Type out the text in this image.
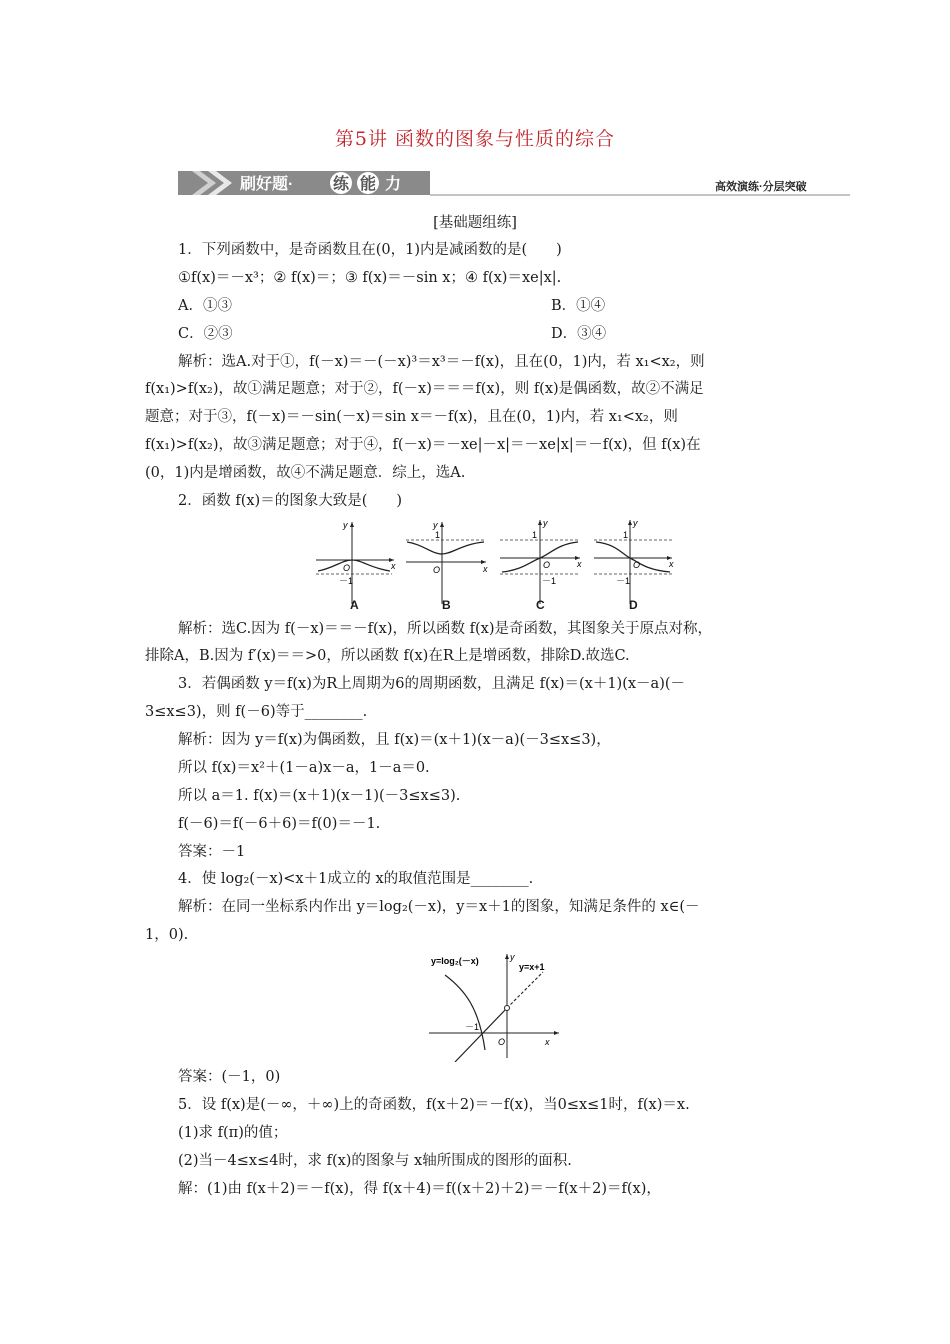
第5讲 函数的图象与性质的综合
刷好题· 练 能 力	高效演练·分层突破
[基础题组练]
1．下列函数中，是奇函数且在(0，1)内是减函数的是(　　)
①f(x)＝－x³；② f(x)＝；③ f(x)＝－sin x；④ f(x)＝xe|x|.
A．①③	B．①④
C．②③	D．③④
解析：选A.对于①，f(－x)＝－(－x)³＝x³＝－f(x)，且在(0，1)内，若 x₁<x₂，则
f(x₁)>f(x₂)，故①满足题意；对于②，f(－x)＝＝＝f(x)，则 f(x)是偶函数，故②不满足
题意；对于③，f(－x)＝－sin(－x)＝sin x＝－f(x)，且在(0，1)内，若 x₁<x₂，则
f(x₁)>f(x₂)，故③满足题意；对于④，f(－x)＝－xe|－x|＝－xe|x|＝－f(x)，但 f(x)在
(0，1)内是增函数，故④不满足题意．综上，选A.
2．函数 f(x)＝的图象大致是(　　)
y
x
O
－1
A
y
x
O
1
B
y
x
O
1
－1
C
y
x
O
1
－1
D
解析：选C.因为 f(－x)＝＝－f(x)，所以函数 f(x)是奇函数，其图象关于原点对称，
排除A，B.因为 f′(x)＝＝>0，所以函数 f(x)在R上是增函数，排除D.故选C.
3．若偶函数 y＝f(x)为R上周期为6的周期函数，且满足 f(x)＝(x＋1)(x－a)(－
3≤x≤3)，则 f(－6)等于________.
解析：因为 y＝f(x)为偶函数，且 f(x)＝(x＋1)(x－a)(－3≤x≤3)，
所以 f(x)＝x²＋(1－a)x－a，1－a＝0.
所以 a＝1. f(x)＝(x＋1)(x－1)(－3≤x≤3).
f(－6)＝f(－6＋6)＝f(0)＝－1.
答案：－1
4．使 log₂(－x)<x＋1成立的 x的取值范围是________.
解析：在同一坐标系内作出 y＝log₂(－x)，y＝x＋1的图象，知满足条件的 x∈(－
1，0).
y=log₂(－x)
y=x+1
y
x
O
－1
答案：(－1，0)
5．设 f(x)是(－∞，＋∞)上的奇函数，f(x＋2)＝－f(x)，当0≤x≤1时，f(x)＝x.
(1)求 f(π)的值；
(2)当－4≤x≤4时，求 f(x)的图象与 x轴所围成的图形的面积.
解：(1)由 f(x＋2)＝－f(x)，得 f(x＋4)＝f((x＋2)＋2)＝－f(x＋2)＝f(x)，
